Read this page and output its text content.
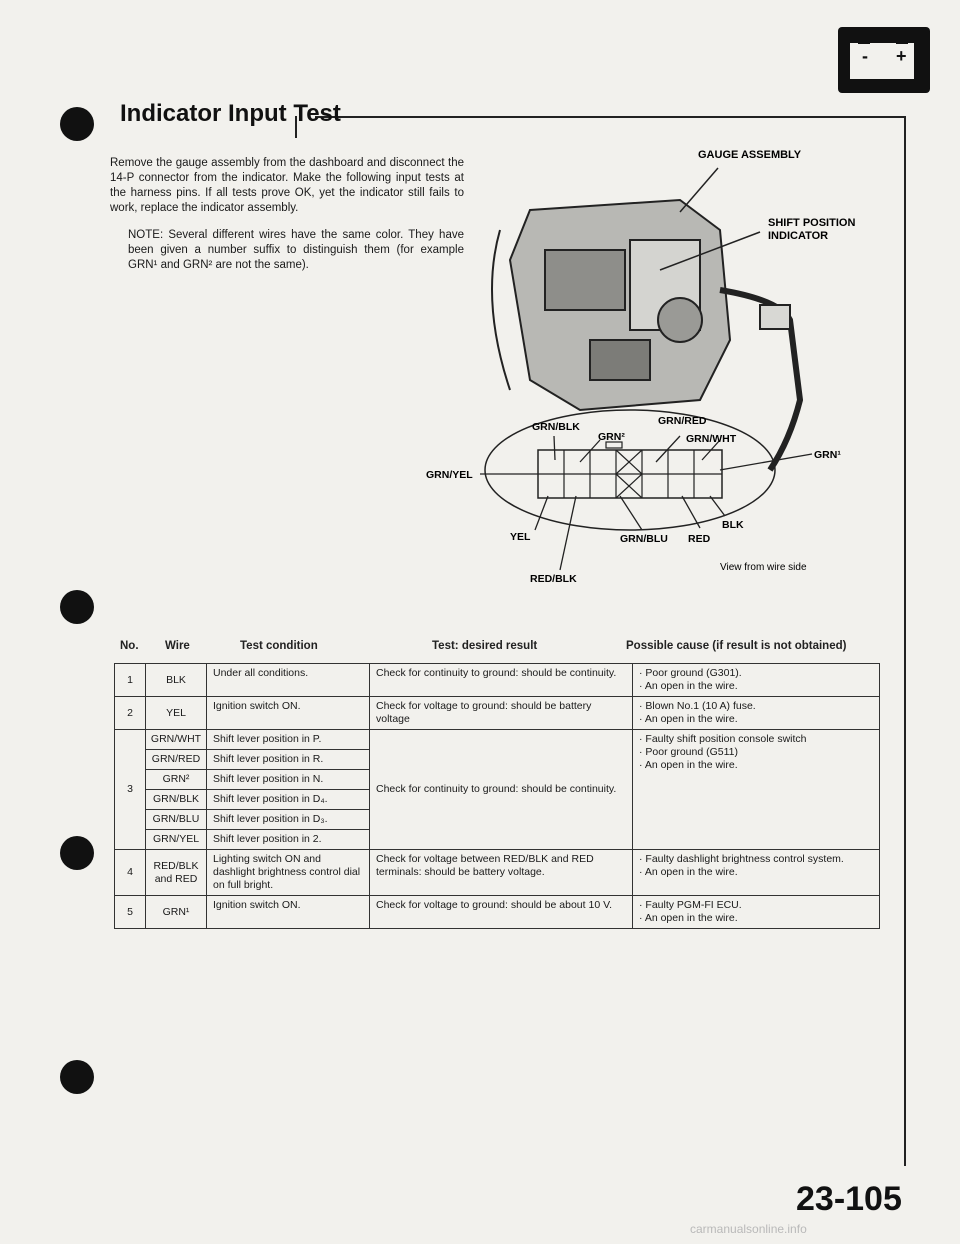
- +
Indicator Input Test
Remove the gauge assembly from the dashboard and disconnect the 14-P connector from the indicator. Make the following input tests at the harness pins. If all tests prove OK, yet the indicator still fails to work, replace the indicator assembly.
NOTE: Several different wires have the same color. They have been given a number suffix to distinguish them (for example GRN¹ and GRN² are not the same).
GAUGE ASSEMBLY
SHIFT POSITION
INDICATOR
GRN/BLK	GRN/RED
GRN²	GRN/WHT
GRN/YEL
GRN¹
YEL	GRN/BLU RED
BLK
RED/BLK
View from wire side
No. Wire	Test condition	Test: desired result	Possible cause (if result is not obtained)
1	BLK	Under all conditions.	Check for continuity to ground: should be continuity.	· Poor ground (G301).
· An open in the wire.

2	YEL	Ignition switch ON.	Check for voltage to ground: should be battery voltage	· Blown No.1 (10 A) fuse.
· An open in the wire.

3	GRN/WHT	Shift lever position in P.	Check for continuity to ground: should be continuity.	· Faulty shift position console switch
· Poor ground (G511)
· An open in the wire.

	GRN/RED	Shift lever position in R.		
	GRN²	Shift lever position in N.		
	GRN/BLK	Shift lever position in D₄.		
	GRN/BLU	Shift lever position in D₃.		
	GRN/YEL	Shift lever position in 2.		
4	RED/BLK and RED	Lighting switch ON and dashlight brightness control dial on full bright.	Check for voltage between RED/BLK and RED terminals: should be battery voltage.	· Faulty dashlight brightness control system.
· An open in the wire.

5	GRN¹	Ignition switch ON.	Check for voltage to ground: should be about 10 V.	· Faulty PGM-FI ECU.
· An open in the wire.
23-105
carmanualsonline.info
